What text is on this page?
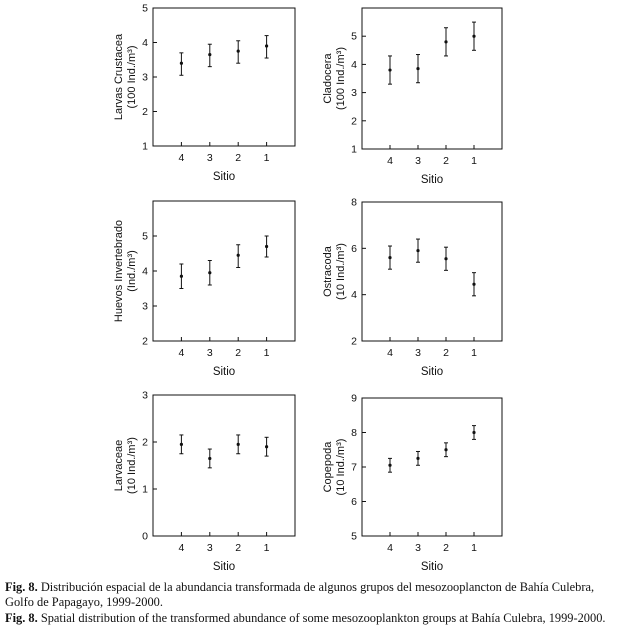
1
2
3
4
5
4 3 2 1
Sitio
Larvas Crustacea (100 Ind./m³)
1
2
3
4
5
4 3 2 1
Sitio
Cladocera (100 Ind./m³)
2
3
4
5
4 3 2 1
Sitio
Huevos Invertebrado (Ind./m³)
2
4
6
8
4 3 2 1
Sitio
Ostracoda (10 Ind./m³)
0
1
2
3
4 3 2 1
Sitio
Larvaceae (10 Ind./m³)
5
6
7
8
9
4 3 2 1
Sitio
Copepoda (10 Ind./m³)
Fig. 8. Distribución espacial de la abundancia transformada de algunos grupos del mesozooplancton de Bahía Culebra, Golfo de Papagayo, 1999-2000.
Fig. 8. Spatial distribution of the transformed abundance of some mesozooplankton groups at Bahía Culebra, 1999-2000.
